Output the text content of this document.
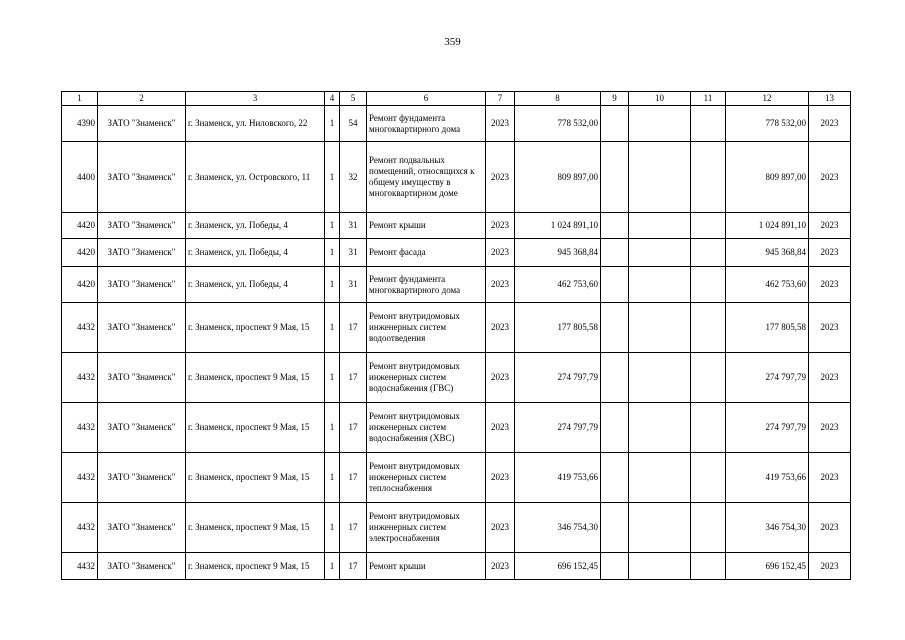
359
1	2	3	4	5	6	7	8	9	10	11	12	13
4390	ЗАТО "Знаменск"	г. Знаменск, ул. Ниловского, 22	1	54	Ремонт фундамента многоквартирного дома	2023	778 532,00				778 532,00	2023
4400	ЗАТО "Знаменск"	г. Знаменск, ул. Островского, 11	1	32	Ремонт подвальных помещений, относящихся к общему имуществу в многоквартирном доме	2023	809 897,00				809 897,00	2023
4420	ЗАТО "Знаменск"	г. Знаменск, ул. Победы, 4	1	31	Ремонт крыши	2023	1 024 891,10				1 024 891,10	2023
4420	ЗАТО "Знаменск"	г. Знаменск, ул. Победы, 4	1	31	Ремонт фасада	2023	945 368,84				945 368,84	2023
4420	ЗАТО "Знаменск"	г. Знаменск, ул. Победы, 4	1	31	Ремонт фундамента многоквартирного дома	2023	462 753,60				462 753,60	2023
4432	ЗАТО "Знаменск"	г. Знаменск, проспект 9 Мая, 15	1	17	Ремонт внутридомовых инженерных систем водоотведения	2023	177 805,58				177 805,58	2023
4432	ЗАТО "Знаменск"	г. Знаменск, проспект 9 Мая, 15	1	17	Ремонт внутридомовых инженерных систем водоснабжения (ГВС)	2023	274 797,79				274 797,79	2023
4432	ЗАТО "Знаменск"	г. Знаменск, проспект 9 Мая, 15	1	17	Ремонт внутридомовых инженерных систем водоснабжения (ХВС)	2023	274 797,79				274 797,79	2023
4432	ЗАТО "Знаменск"	г. Знаменск, проспект 9 Мая, 15	1	17	Ремонт внутридомовых инженерных систем теплоснабжения	2023	419 753,66				419 753,66	2023
4432	ЗАТО "Знаменск"	г. Знаменск, проспект 9 Мая, 15	1	17	Ремонт внутридомовых инженерных систем электроснабжения	2023	346 754,30				346 754,30	2023
4432	ЗАТО "Знаменск"	г. Знаменск, проспект 9 Мая, 15	1	17	Ремонт крыши	2023	696 152,45				696 152,45	2023
